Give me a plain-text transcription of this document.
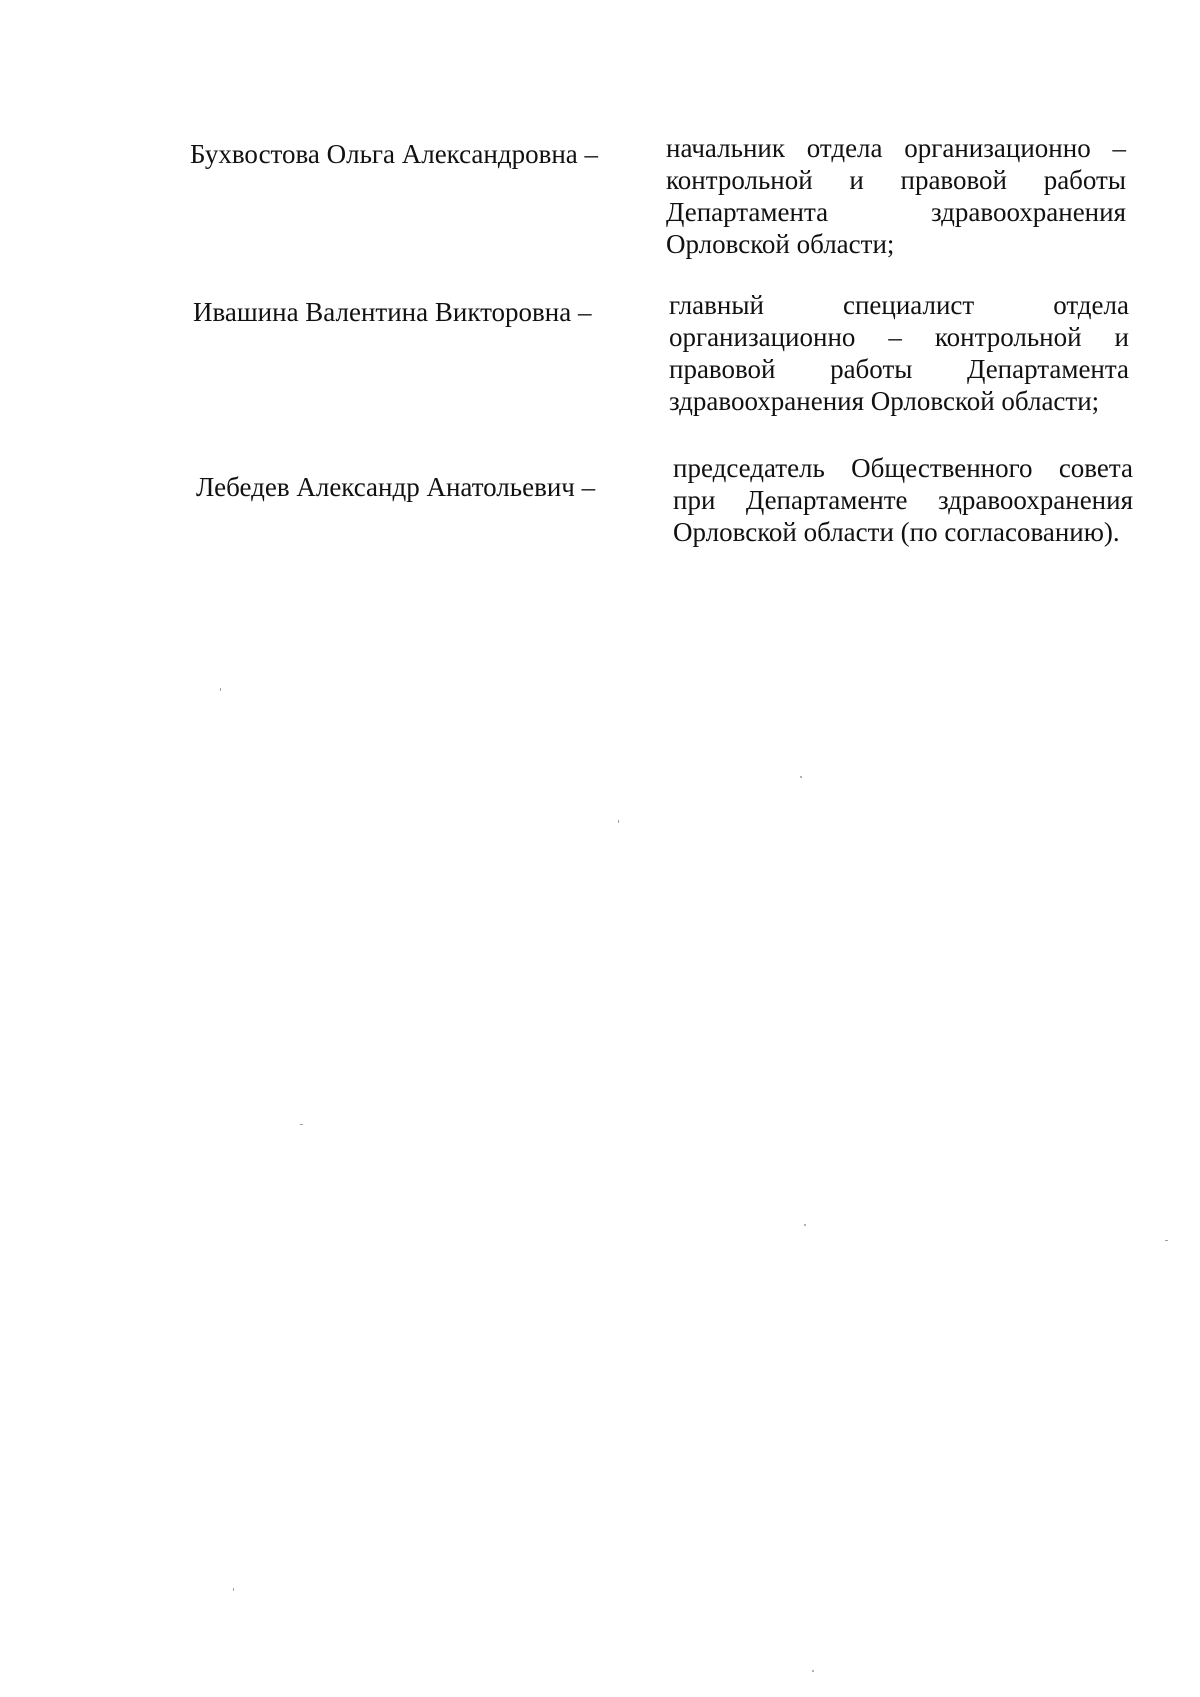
Бухвостова Ольга Александровна –	начальник отдела организационно – контрольной и правовой работы Департамента здравоохранения Орловской области;
Ивашина Валентина Викторовна –	главный специалист отдела организационно – контрольной и правовой работы Департамента здравоохранения Орловской области;
Лебедев Александр Анатольевич –
председатель Общественного совета при Департаменте здравоохранения Орловской области (по согласованию).
